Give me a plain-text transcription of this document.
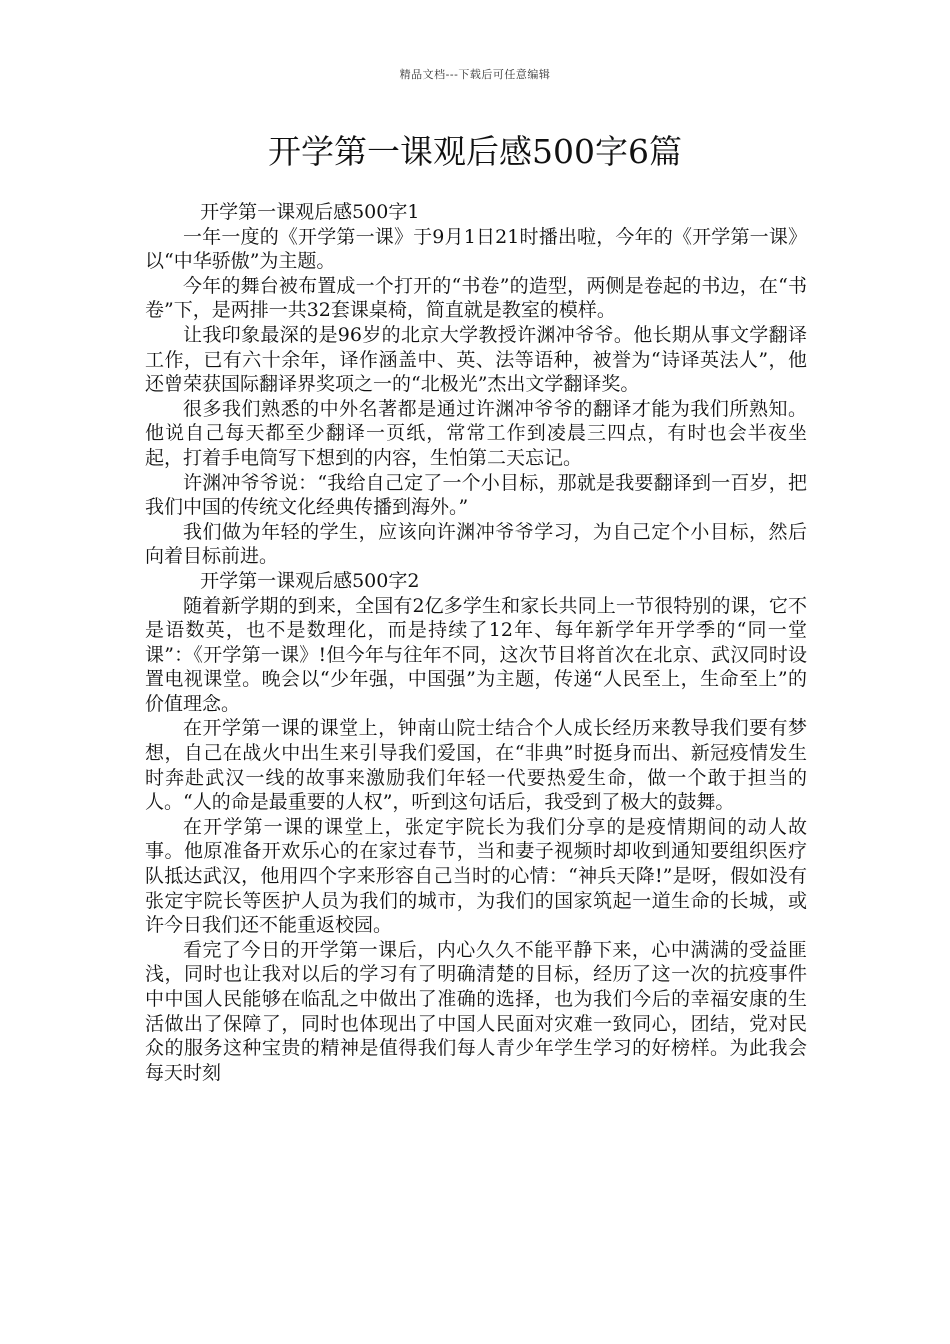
精品文档---下载后可任意编辑
开学第一课观后感500字6篇

开学第一课观后感500字1

一年一度的《开学第一课》于9月1日21时播出啦，今年的《开学第一课》以“中华骄傲”为主题。

今年的舞台被布置成一个打开的“书卷”的造型，两侧是卷起的书边，在“书卷”下，是两排一共32套课桌椅，简直就是教室的模样。

让我印象最深的是96岁的北京大学教授许渊冲爷爷。他长期从事文学翻译工作，已有六十余年，译作涵盖中、英、法等语种，被誉为“诗译英法人”，他还曾荣获国际翻译界奖项之一的“北极光”杰出文学翻译奖。

很多我们熟悉的中外名著都是通过许渊冲爷爷的翻译才能为我们所熟知。他说自己每天都至少翻译一页纸，常常工作到凌晨三四点，有时也会半夜坐起，打着手电筒写下想到的内容，生怕第二天忘记。

许渊冲爷爷说：“我给自己定了一个小目标，那就是我要翻译到一百岁，把我们中国的传统文化经典传播到海外。”

我们做为年轻的学生，应该向许渊冲爷爷学习，为自己定个小目标，然后向着目标前进。

开学第一课观后感500字2

随着新学期的到来，全国有2亿多学生和家长共同上一节很特别的课，它不是语数英，也不是数理化，而是持续了12年、每年新学年开学季的“同一堂课”：《开学第一课》!但今年与往年不同，这次节目将首次在北京、武汉同时设置电视课堂。晚会以“少年强，中国强”为主题，传递“人民至上，生命至上”的价值理念。

在开学第一课的课堂上，钟南山院士结合个人成长经历来教导我们要有梦想，自己在战火中出生来引导我们爱国，在“非典”时挺身而出、新冠疫情发生时奔赴武汉一线的故事来激励我们年轻一代要热爱生命，做一个敢于担当的人。“人的命是最重要的人权”，听到这句话后，我受到了极大的鼓舞。

在开学第一课的课堂上，张定宇院长为我们分享的是疫情期间的动人故事。他原准备开欢乐心的在家过春节，当和妻子视频时却收到通知要组织医疗队抵达武汉，他用四个字来形容自己当时的心情：“神兵天降!”是呀，假如没有张定宇院长等医护人员为我们的城市，为我们的国家筑起一道生命的长城，或许今日我们还不能重返校园。

看完了今日的开学第一课后，内心久久不能平静下来，心中满满的受益匪浅，同时也让我对以后的学习有了明确清楚的目标，经历了这一次的抗疫事件中中国人民能够在临乱之中做出了准确的选择，也为我们今后的幸福安康的生活做出了保障了，同时也体现出了中国人民面对灾难一致同心，团结，党对民众的服务这种宝贵的精神是值得我们每人青少年学生学习的好榜样。为此我会每天时刻
